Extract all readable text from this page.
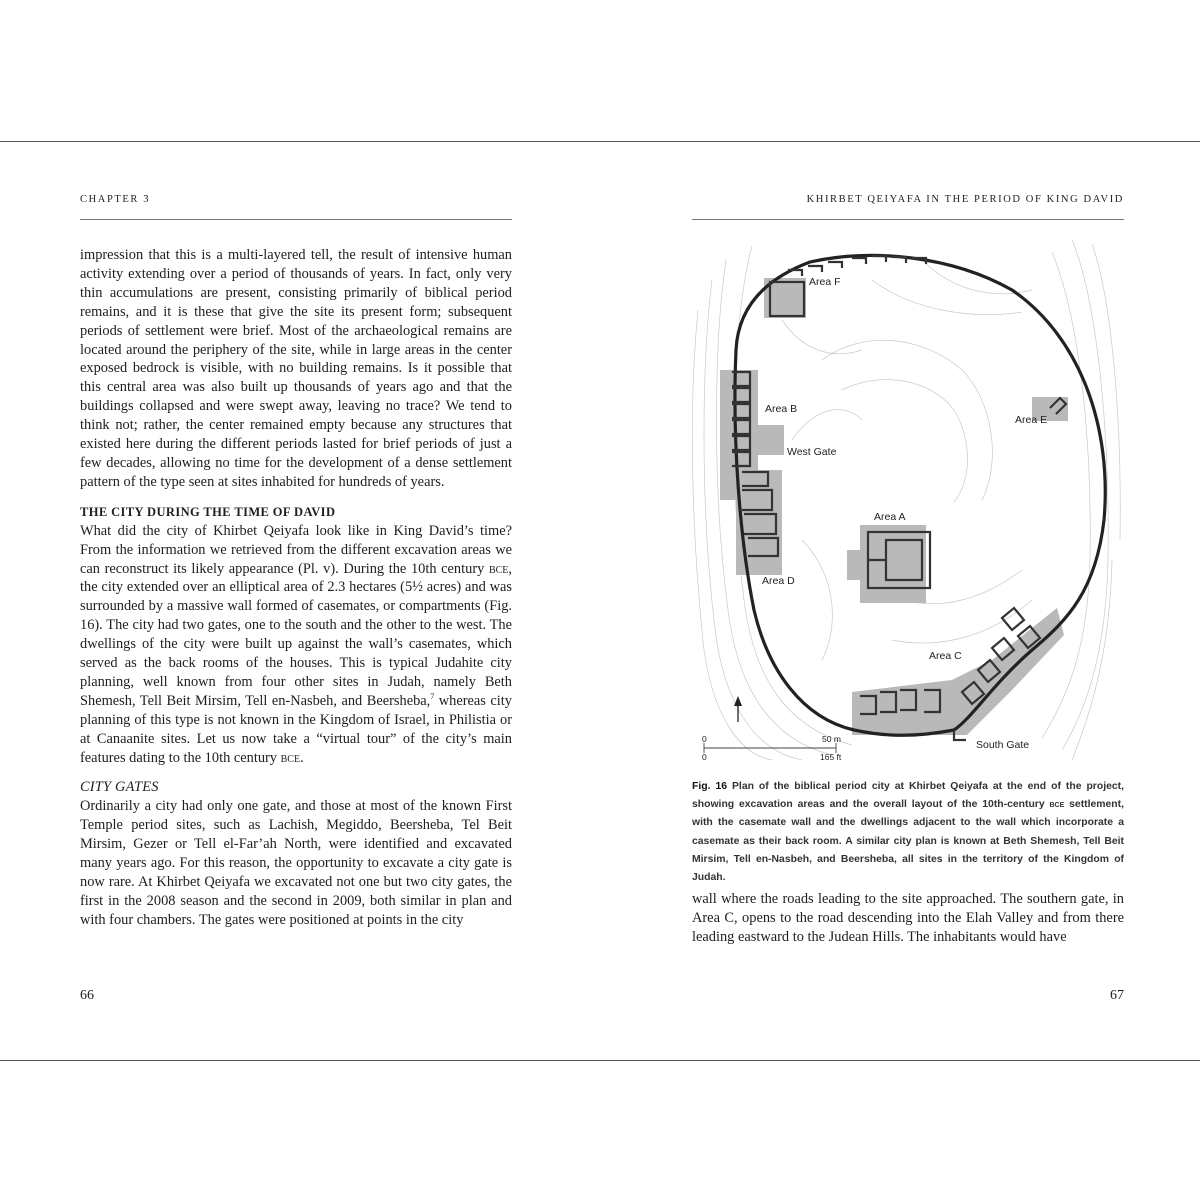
CHAPTER 3

impression that this is a multi-layered tell, the result of intensive human activity extending over a period of thousands of years. In fact, only very thin accumulations are present, consisting primarily of biblical period remains, and it is these that give the site its present form; subsequent periods of settlement were brief. Most of the archaeological remains are located around the periphery of the site, while in large areas in the center exposed bedrock is visible, with no building remains. Is it possible that this central area was also built up thousands of years ago and that the buildings collapsed and were swept away, leaving no trace? We tend to think not; rather, the center remained empty because any structures that existed here during the different periods lasted for brief periods of just a few decades, allowing no time for the development of a dense settlement pattern of the type seen at sites inhabited for hundreds of years.

THE CITY DURING THE TIME OF DAVID

What did the city of Khirbet Qeiyafa look like in King David’s time? From the information we retrieved from the different excavation areas we can reconstruct its likely appearance (Pl. v). During the 10th century bce, the city extended over an elliptical area of 2.3 hectares (5½ acres) and was surrounded by a massive wall formed of casemates, or compartments (Fig. 16). The city had two gates, one to the south and the other to the west. The dwellings of the city were built up against the wall’s casemates, which served as the back rooms of the houses. This is typical Judahite city planning, well known from four other sites in Judah, namely Beth Shemesh, Tell Beit Mirsim, Tell en-Nasbeh, and Beersheba,$^7$ whereas city planning of this type is not known in the Kingdom of Israel, in Philistia or at Canaanite sites. Let us now take a “virtual tour” of the city’s main features dating to the 10th century bce.

CITY GATES

Ordinarily a city had only one gate, and those at most of the known First Temple period sites, such as Lachish, Megiddo, Beersheba, Tel Beit Mirsim, Gezer or Tell el-Far’ah North, were identified and excavated many years ago. For this reason, the opportunity to excavate a city gate is now rare. At Khirbet Qeiyafa we excavated not one but two city gates, the first in the 2008 season and the second in 2009, both similar in plan and with four chambers. The gates were positioned at points in the city

66
KHIRBET QEIYAFA IN THE PERIOD OF KING DAVID
Area F
Area B
West Gate
Area E
Area A
Area D
Area C
South Gate
0	50 m
0	165 ft
Fig. 16 Plan of the biblical period city at Khirbet Qeiyafa at the end of the project, showing excavation areas and the overall layout of the 10th-century bce settlement, with the casemate wall and the dwellings adjacent to the wall which incorporate a casemate as their back room. A similar city plan is known at Beth Shemesh, Tell Beit Mirsim, Tell en-Nasbeh, and Beersheba, all sites in the territory of the Kingdom of Judah.

wall where the roads leading to the site approached. The southern gate, in Area C, opens to the road descending into the Elah Valley and from there leading eastward to the Judean Hills. The inhabitants would have

67
